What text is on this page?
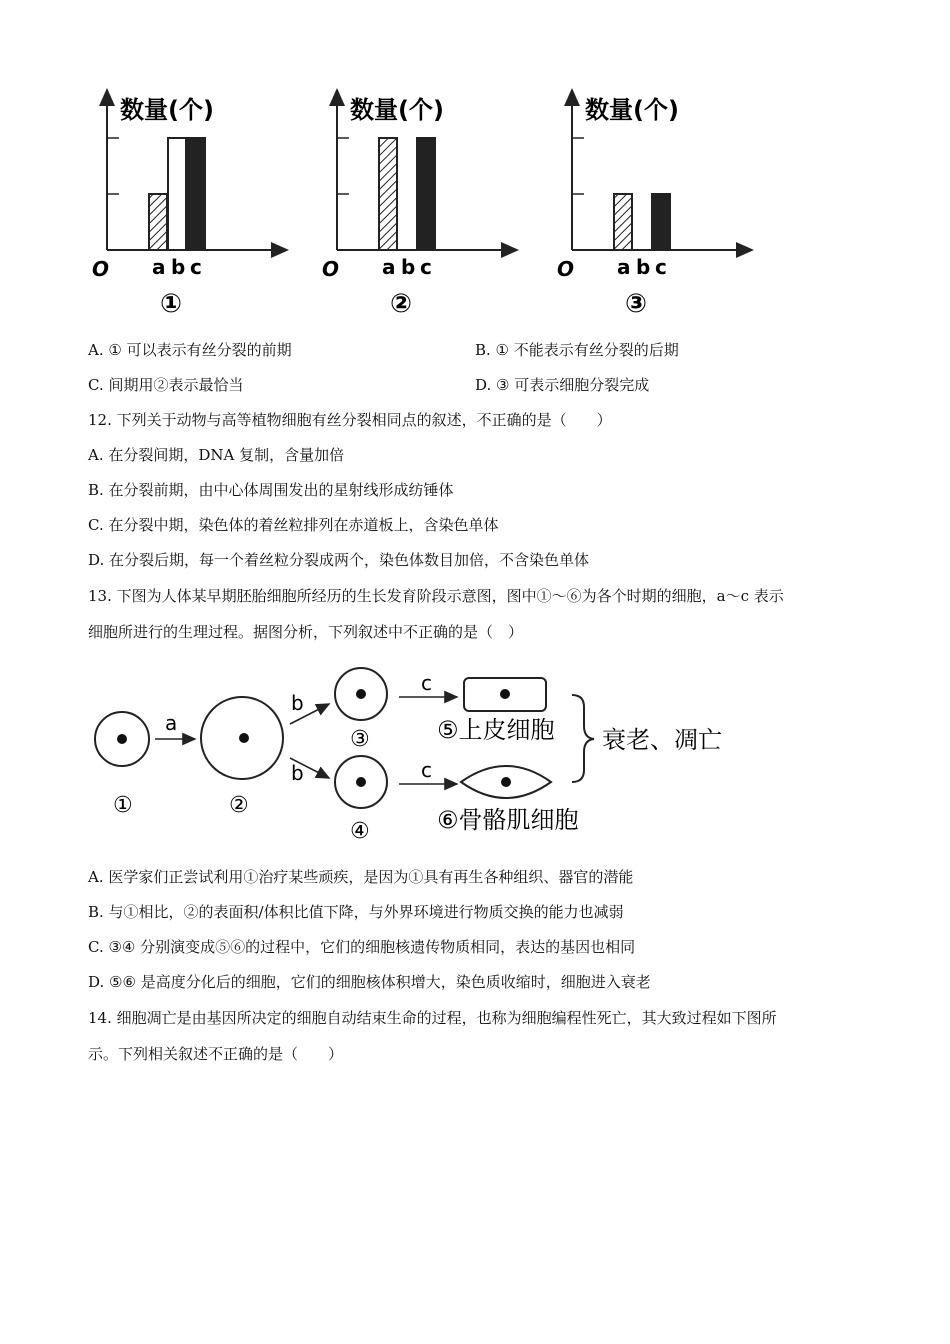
数量(个)
O a b c
①
数量(个)
O a b c
②
数量(个)
O a b c
③
A. ① 可以表示有丝分裂的前期	B. ① 不能表示有丝分裂的后期
C. 间期用②表示最恰当	D. ③ 可表示细胞分裂完成
12. 下列关于动物与高等植物细胞有丝分裂相同点的叙述，不正确的是（　　）
A. 在分裂间期，DNA 复制，含量加倍
B. 在分裂前期，由中心体周围发出的星射线形成纺锤体
C. 在分裂中期，染色体的着丝粒排列在赤道板上，含染色单体
D. 在分裂后期，每一个着丝粒分裂成两个，染色体数目加倍，不含染色单体
13. 下图为人体某早期胚胎细胞所经历的生长发育阶段示意图，图中①～⑥为各个时期的细胞，a～c 表示
细胞所进行的生理过程。据图分析，下列叙述中不正确的是（　）
①
a
②
b
b
③
④
c
c
⑤上皮细胞
⑥骨骼肌细胞
衰老、凋亡
A. 医学家们正尝试利用①治疗某些顽疾，是因为①具有再生各种组织、器官的潜能
B. 与①相比，②的表面积/体积比值下降，与外界环境进行物质交换的能力也减弱
C. ③④ 分别演变成⑤⑥的过程中，它们的细胞核遗传物质相同，表达的基因也相同
D. ⑤⑥ 是高度分化后的细胞，它们的细胞核体积增大，染色质收缩时，细胞进入衰老
14. 细胞凋亡是由基因所决定的细胞自动结束生命的过程，也称为细胞编程性死亡，其大致过程如下图所
示。下列相关叙述不正确的是（　　）
